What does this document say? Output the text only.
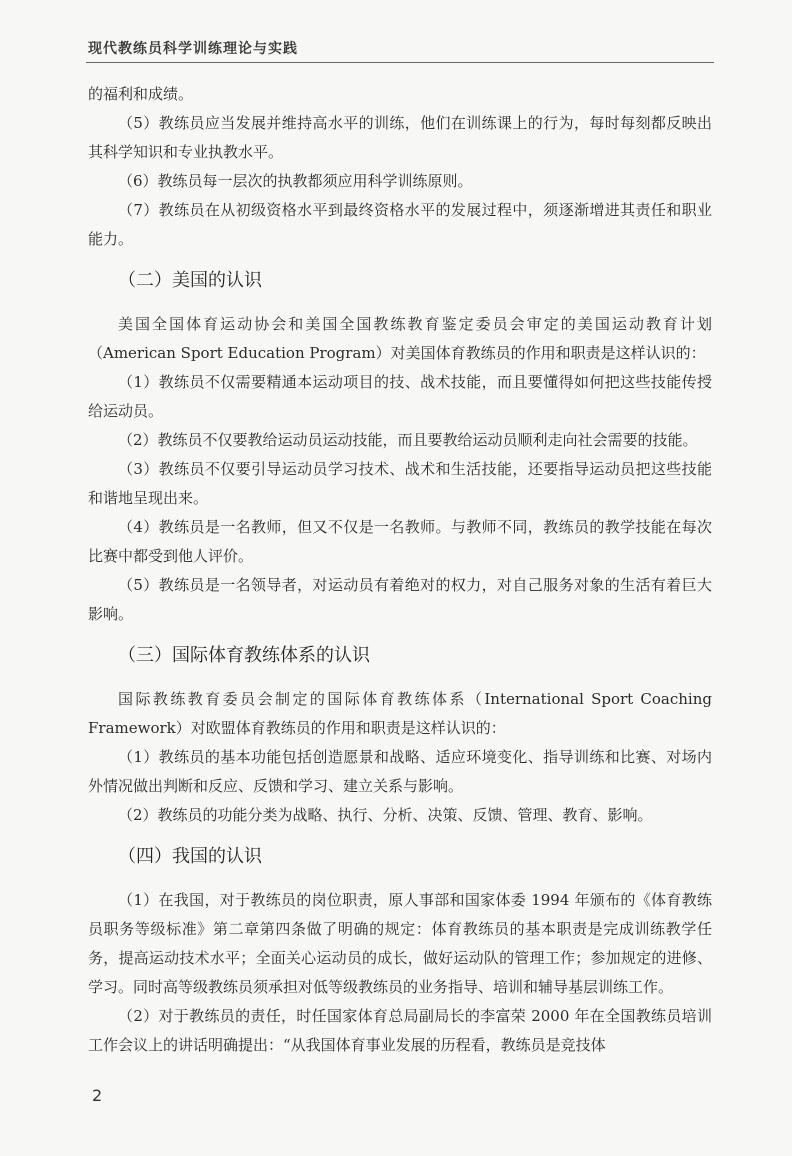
现代教练员科学训练理论与实践

的福利和成绩。

（5）教练员应当发展并维持高水平的训练，他们在训练课上的行为，每时每刻都反映出其科学知识和专业执教水平。

（6）教练员每一层次的执教都须应用科学训练原则。

（7）教练员在从初级资格水平到最终资格水平的发展过程中，须逐渐增进其责任和职业能力。

（二）美国的认识

美国全国体育运动协会和美国全国教练教育鉴定委员会审定的美国运动教育计划（American Sport Education Program）对美国体育教练员的作用和职责是这样认识的：

（1）教练员不仅需要精通本运动项目的技、战术技能，而且要懂得如何把这些技能传授给运动员。

（2）教练员不仅要教给运动员运动技能，而且要教给运动员顺利走向社会需要的技能。

（3）教练员不仅要引导运动员学习技术、战术和生活技能，还要指导运动员把这些技能和谐地呈现出来。

（4）教练员是一名教师，但又不仅是一名教师。与教师不同，教练员的教学技能在每次比赛中都受到他人评价。

（5）教练员是一名领导者，对运动员有着绝对的权力，对自己服务对象的生活有着巨大影响。

（三）国际体育教练体系的认识

国际教练教育委员会制定的国际体育教练体系（International Sport Coaching Framework）对欧盟体育教练员的作用和职责是这样认识的：

（1）教练员的基本功能包括创造愿景和战略、适应环境变化、指导训练和比赛、对场内外情况做出判断和反应、反馈和学习、建立关系与影响。

（2）教练员的功能分类为战略、执行、分析、决策、反馈、管理、教育、影响。

（四）我国的认识

（1）在我国，对于教练员的岗位职责，原人事部和国家体委 1994 年颁布的《体育教练员职务等级标准》第二章第四条做了明确的规定：体育教练员的基本职责是完成训练教学任务，提高运动技术水平；全面关心运动员的成长，做好运动队的管理工作；参加规定的进修、学习。同时高等级教练员须承担对低等级教练员的业务指导、培训和辅导基层训练工作。

（2）对于教练员的责任，时任国家体育总局副局长的李富荣 2000 年在全国教练员培训工作会议上的讲话明确提出：“从我国体育事业发展的历程看，教练员是竞技体

2
